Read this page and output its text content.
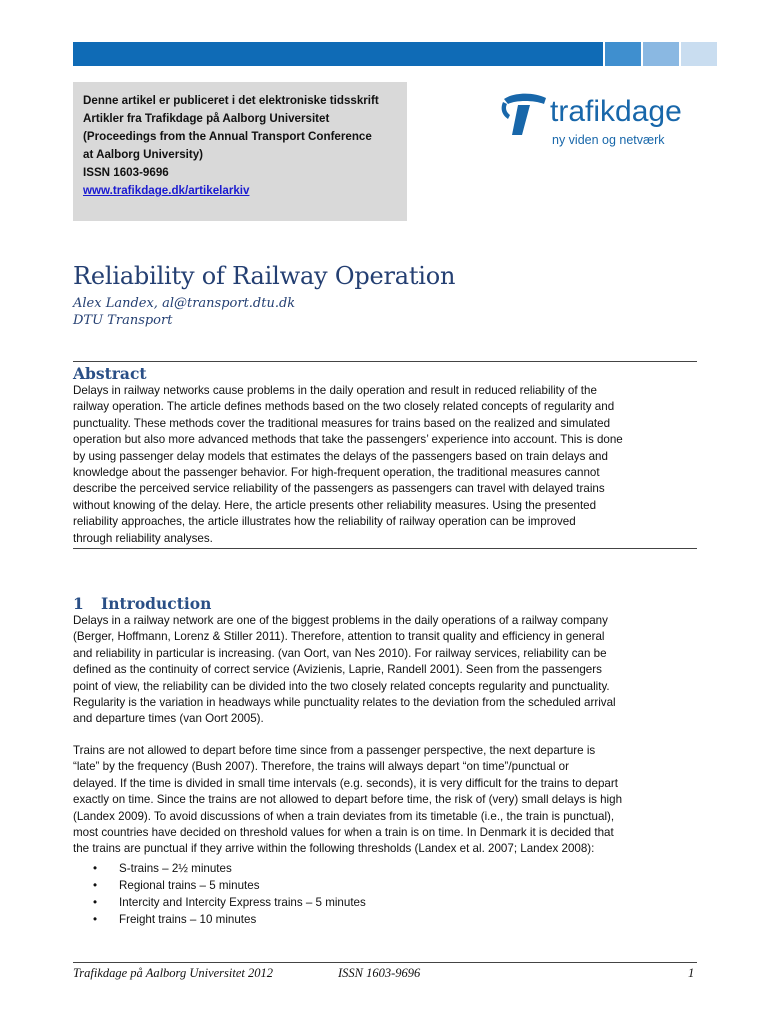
Denne artikel er publiceret i det elektroniske tidsskrift
Artikler fra Trafikdage på Aalborg Universitet
(Proceedings from the Annual Transport Conference
at Aalborg University)
ISSN 1603-9696
www.trafikdage.dk/artikelarkiv
trafikdage
ny viden og netværk
Reliability of Railway Operation
Alex Landex, al@transport.dtu.dk
DTU Transport
Abstract
Delays in railway networks cause problems in the daily operation and result in reduced reliability of the
railway operation. The article defines methods based on the two closely related concepts of regularity and
punctuality. These methods cover the traditional measures for trains based on the realized and simulated
operation but also more advanced methods that take the passengers’ experience into account. This is done
by using passenger delay models that estimates the delays of the passengers based on train delays and
knowledge about the passenger behavior. For high-frequent operation, the traditional measures cannot
describe the perceived service reliability of the passengers as passengers can travel with delayed trains
without knowing of the delay. Here, the article presents other reliability measures. Using the presented
reliability approaches, the article illustrates how the reliability of railway operation can be improved
through reliability analyses.
1 Introduction
Delays in a railway network are one of the biggest problems in the daily operations of a railway company
(Berger, Hoffmann, Lorenz & Stiller 2011). Therefore, attention to transit quality and efficiency in general
and reliability in particular is increasing. (van Oort, van Nes 2010). For railway services, reliability can be
defined as the continuity of correct service (Avizienis, Laprie, Randell 2001). Seen from the passengers
point of view, the reliability can be divided into the two closely related concepts regularity and punctuality.
Regularity is the variation in headways while punctuality relates to the deviation from the scheduled arrival
and departure times (van Oort 2005).
Trains are not allowed to depart before time since from a passenger perspective, the next departure is
“late” by the frequency (Bush 2007). Therefore, the trains will always depart “on time”/punctual or
delayed. If the time is divided in small time intervals (e.g. seconds), it is very difficult for the trains to depart
exactly on time. Since the trains are not allowed to depart before time, the risk of (very) small delays is high
(Landex 2009). To avoid discussions of when a train deviates from its timetable (i.e., the train is punctual),
most countries have decided on threshold values for when a train is on time. In Denmark it is decided that
the trains are punctual if they arrive within the following thresholds (Landex et al. 2007; Landex 2008):
• S-trains – 2½ minutes
• Regional trains – 5 minutes
• Intercity and Intercity Express trains – 5 minutes
• Freight trains – 10 minutes
Trafikdage på Aalborg Universitet 2012	ISSN 1603-9696	1
